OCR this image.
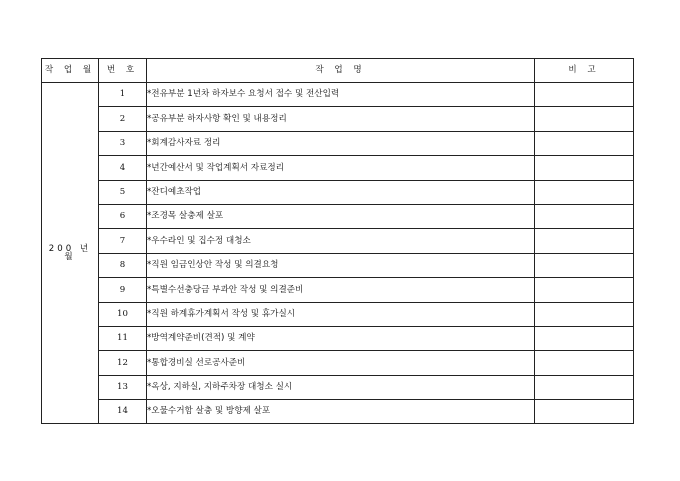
작 업 월	번 호	작 업 명	비 고
200 년 월	1	*전유부분 1년차 하자보수 요청서 접수 및 전산입력	
	2	*공유부분 하자사항 확인 및 내용정리	
	3	*회계감사자료 정리	
	4	*년간예산서 및 작업계획서 자료정리	
	5	*잔디예초작업	
	6	*조경목 살충제 살포	
	7	*우수라인 및 집수정 대청소	
	8	*직원 임금인상안 작성 및 의결요청	
	9	*특별수선충당금 부과안 작성 및 의결준비	
	10	*직원 하계휴가계획서 작성 및 휴가실시	
	11	*방역계약준비(견적) 및 계약	
	12	*통합경비실 선로공사준비	
	13	*옥상, 지하실, 지하주차장 대청소 실시	
	14	*오물수거함 살충 및 방향제 살포	
